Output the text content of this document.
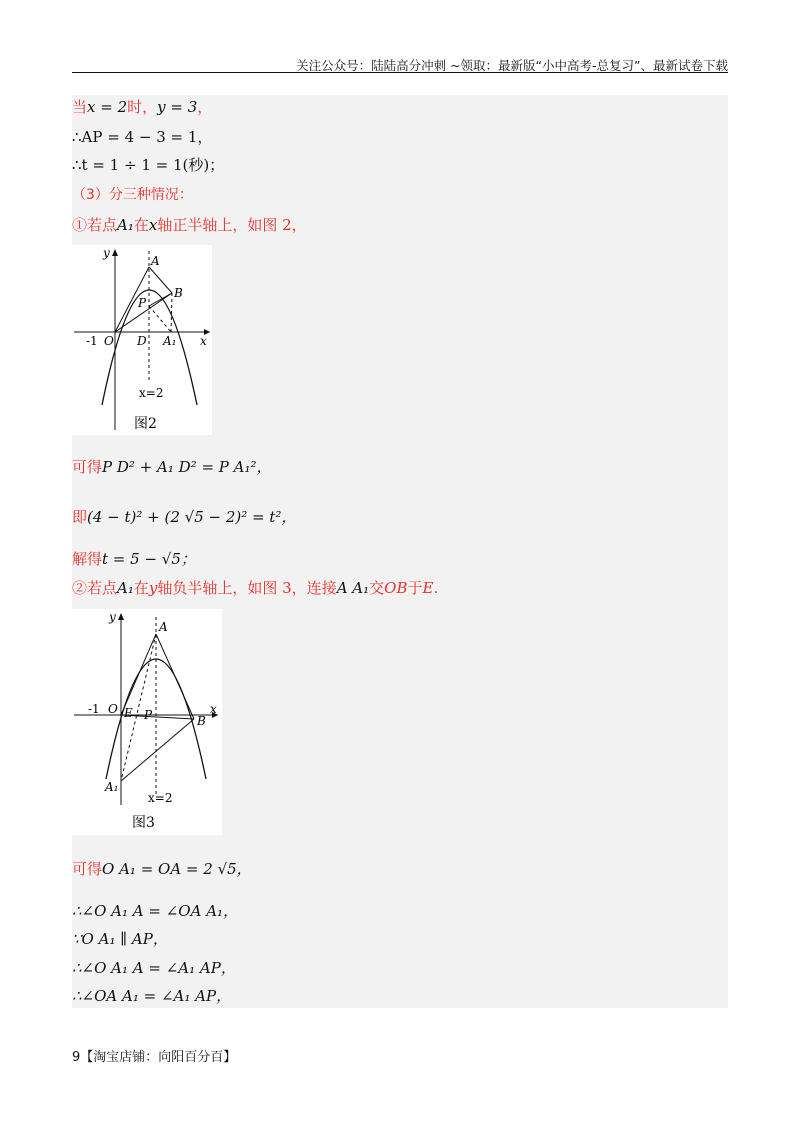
关注公众号：陆陆高分冲刺 ~领取：最新版“小中高考-总复习”、最新试卷下载
当x = 2时，y = 3，
∴AP = 4 − 3 = 1，
∴t = 1 ÷ 1 = 1(秒)；
（3）分三种情况：
①若点A₁在x轴正半轴上，如图 2，
y
x
A
B
P
O D A₁
-1
x=2
图2
可得P D² + A₁ D² = P A₁²，
即(4 − t)² + (2 √5 − 2)² = t²，
解得t = 5 − √5；
②若点A₁在y轴负半轴上，如图 3，连接A A₁交OB于E.
y
x
A
B
P
O E
A₁
-1
x=2
图3
可得O A₁ = OA = 2 √5，
∴∠O A₁ A = ∠OA A₁，
∵O A₁ ∥ AP，
∴∠O A₁ A = ∠A₁ AP，
∴∠OA A₁ = ∠A₁ AP，
9【淘宝店铺：向阳百分百】
